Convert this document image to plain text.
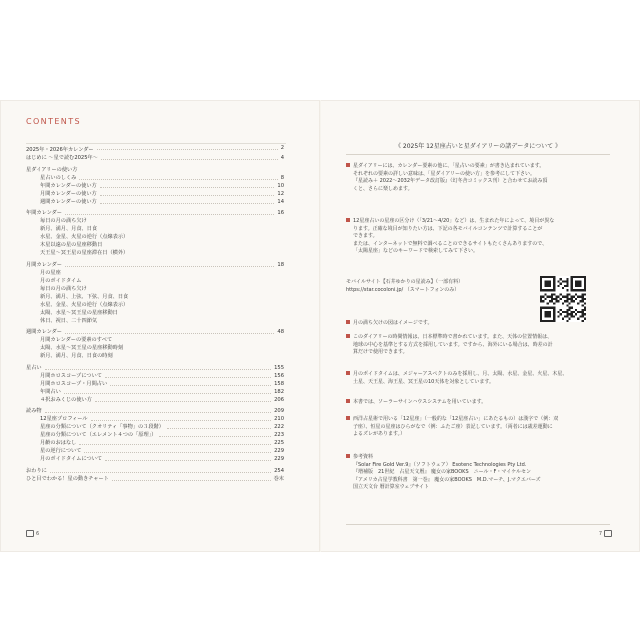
CONTENTS
2025年・2026年カレンダー	2
はじめに 〜星で読む2025年〜	4
星ダイアリーの使い方
星占いのしくみ	8
年間カレンダーの使い方	10
月間カレンダーの使い方	12
週間カレンダーの使い方	14
年間カレンダー	16
毎日の月の満ち欠け
新月、満月、月食、日食
水星、金星、火星の逆行（点線表示）
木星以遠の星の星座移動日
天王星〜冥王星の星座滞在日（横外）
月間カレンダー	18
月の星座
月のボイドタイム
毎日の月の満ち欠け
新月、満月、上弦、下弦、月食、日食
水星、金星、火星の逆行（点線表示）
太陽、水星〜冥王星の星座移動日
休日、祝日、二十四節気
週間カレンダー	48
月間カレンダーの要素のすべて
太陽、水星〜冥王星の星座移動時刻
新月、満月、月食、日食の時刻
星占い	155
月間ホロスコープについて	156
月間ホロスコープ・月間占い	158
年間占い	182
４択おみくじの使い方	206
読み物	209
12星座プロフィール	210
星座の分類について（クオリティ「事物」の３段階）	222
星座の分類について（エレメント４つの「原理」）	223
月齢のおはなし	225
星の逆行について	229
月のボイドタイムについて	229
おわりに	254
ひと目でわかる！星の動きチャート	巻末
6
《 2025年 12星座占いと星ダイアリーの諸データについて 》

星ダイアリーには、カレンダー要素の他に、「星占いの要素」が書き込まれています。

それぞれの要素の詳しい意味は、「星ダイアリーの使い方」を参考にして下さい。

『星読み＋ 2022〜2032年データ改訂版』（幻冬舎コミックス刊）と合わせてお読み頂

くと、さらに楽しめます。

12星座占いの星座の区分け（「3/21〜4/20」など）は、生まれた年によって、境目が異な

ります。正確な境目が知りたい方は、下記の各モバイルコンテンツで計算することが

できます。

または、インターネットで無料で調べることのできるサイトもたくさんありますので、

「太陽星座」などのキーワードで検索してみて下さい。

モバイルサイト【石井ゆかりの星読み】（一部有料）
https://star.cocoloni.jp/ （スマートフォンのみ）

月の満ち欠けの図はイメージです。

このダイアリーの時間情報は、日本標準時で書かれています。また、天体の位置情報は、

地球の中心を基準とする方式を採用しています。ですから、海外にいる場合は、時差の計

算だけで使用できます。

月のボイドタイムは、メジャーアスペクトのみを採用し、月、太陽、水星、金星、火星、木星、

土星、天王星、海王星、冥王星の10天体を対象としています。

本書では、ソーラーサインハウスシステムを用いています。

西洋占星術で用いる「12星座」（一般的な「12星座占い」にあたるもの）は漢字で（例：双

子座）、恒星の星座はひらがなで（例：ふたご座）表記しています。（両者には歳差運動に

よるズレがあります。）

参考資料

『Solar Fire Gold Ver.9』（ソフトウェア） Esotenc Technologies Pty Ltd.

『増補版　21世紀　占星天文暦』 魔女の家BOOKS　ニール・F・マイケルセン

『アメリカ占星学教科書　第一巻』 魔女の家BOOKS　M.D.マーチ、J.マクエバーズ

国立天文台 暦計算室ウェブサイト

7
